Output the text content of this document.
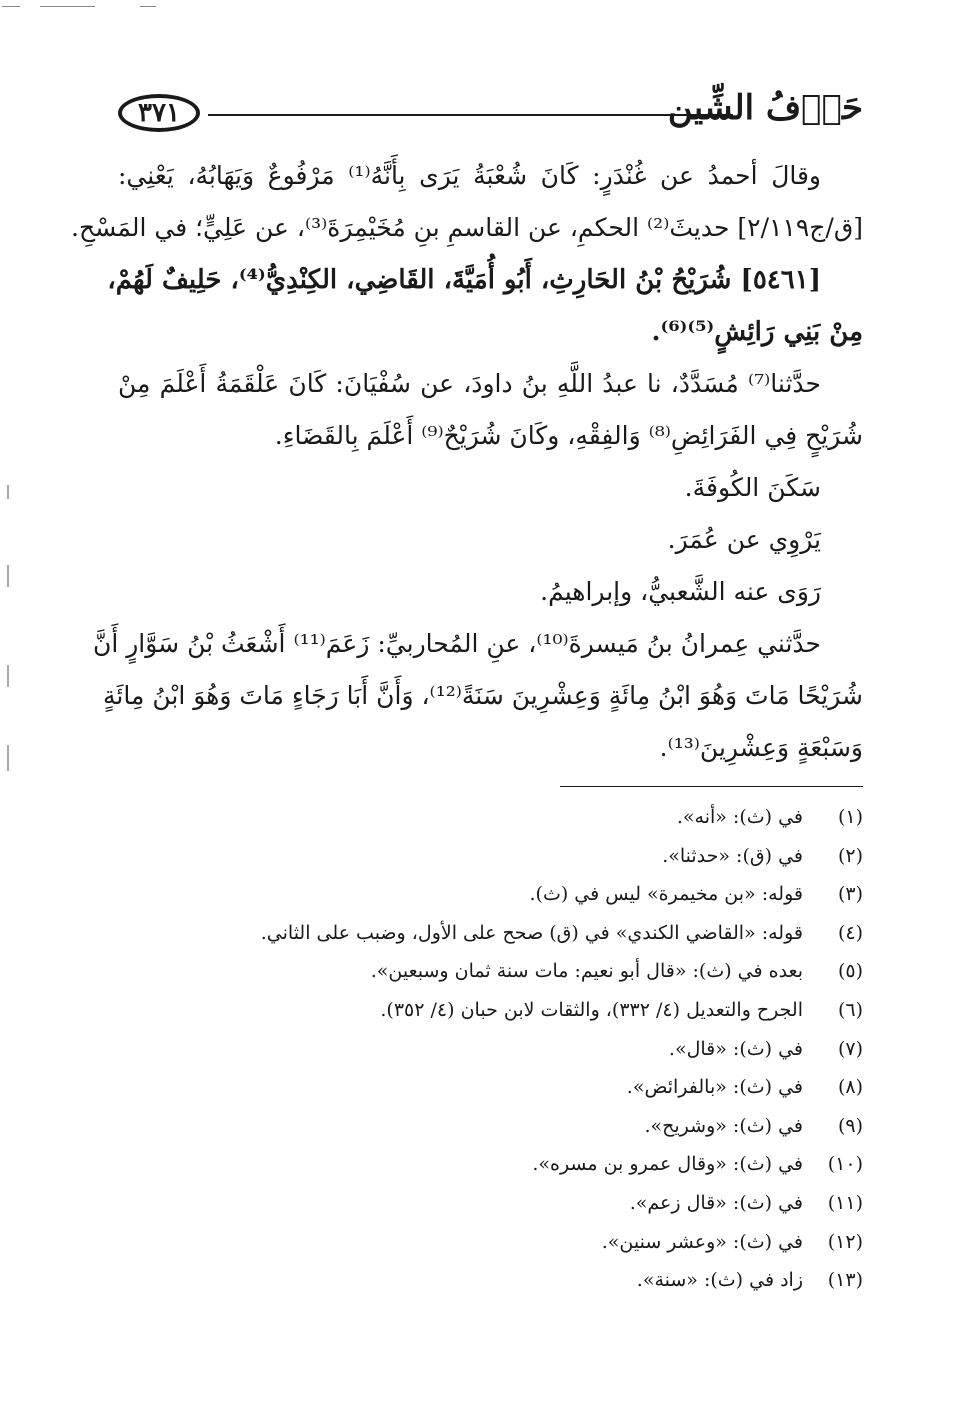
٣٧١	حَرۡفُ الشِّين
وقالَ أحمدُ عن غُنْدَرٍ: كَانَ شُعْبَةُ يَرَى بِأَنَّهُ⁽¹⁾ مَرْفُوعٌ وَيَهَابُهُ، يَعْنِي:
[ق/ج٢/١١٩] حديثَ⁽²⁾ الحكمِ، عن القاسمِ بنِ مُخَيْمِرَةَ⁽³⁾، عن عَلِيٍّ؛ في المَسْحِ.
[٥٤٦١] شُرَيْحُ بْنُ الحَارِثِ، أَبُو أُمَيَّةَ، القَاضِي، الكِنْدِيُّ⁽⁴⁾، حَلِيفٌ لَهُمْ،
مِنْ بَنِي رَائِشٍ⁽⁵⁾⁽⁶⁾.
حدَّثنا⁽⁷⁾ مُسَدَّدٌ، نا عبدُ اللَّهِ بنُ داودَ، عن سُفْيَانَ: كَانَ عَلْقَمَةُ أَعْلَمَ مِنْ
شُرَيْحٍ فِي الفَرَائِضِ⁽⁸⁾ وَالفِقْهِ، وكَانَ شُرَيْحٌ⁽⁹⁾ أَعْلَمَ بِالقَضَاءِ.
سَكَنَ الكُوفَةَ.
يَرْوِي عن عُمَرَ.
رَوَى عنه الشَّعبيُّ، وإبراهيمُ.
حدَّثني عِمرانُ بنُ مَيسرةَ⁽¹⁰⁾، عنِ المُحاربيِّ: زَعَمَ⁽¹¹⁾ أَشْعَثُ بْنُ سَوَّارٍ أَنَّ
شُرَيْحًا مَاتَ وَهُوَ ابْنُ مِائَةٍ وَعِشْرِينَ سَنَةً⁽¹²⁾، وَأَنَّ أَبَا رَجَاءٍ مَاتَ وَهُوَ ابْنُ مِائَةٍ
وَسَبْعَةٍ وَعِشْرِينَ⁽¹³⁾.
(١)
في (ث): «أنه».
(٢)
في (ق): «حدثنا».
(٣)
قوله: «بن مخيمرة» ليس في (ث).
(٤)
قوله: «القاضي الكندي» في (ق) صحح على الأول، وضبب على الثاني.
(٥)
بعده في (ث): «قال أبو نعيم: مات سنة ثمان وسبعين».
(٦)
الجرح والتعديل (٤/ ٣٣٢)، والثقات لابن حبان (٤/ ٣٥٢).
(٧)
في (ث): «قال».
(٨)
في (ث): «بالفرائض».
(٩)
في (ث): «وشريح».
(١٠)
في (ث): «وقال عمرو بن مسره».
(١١)
في (ث): «قال زعم».
(١٢)
في (ث): «وعشر سنين».
(١٣)
زاد في (ث): «سنة».
